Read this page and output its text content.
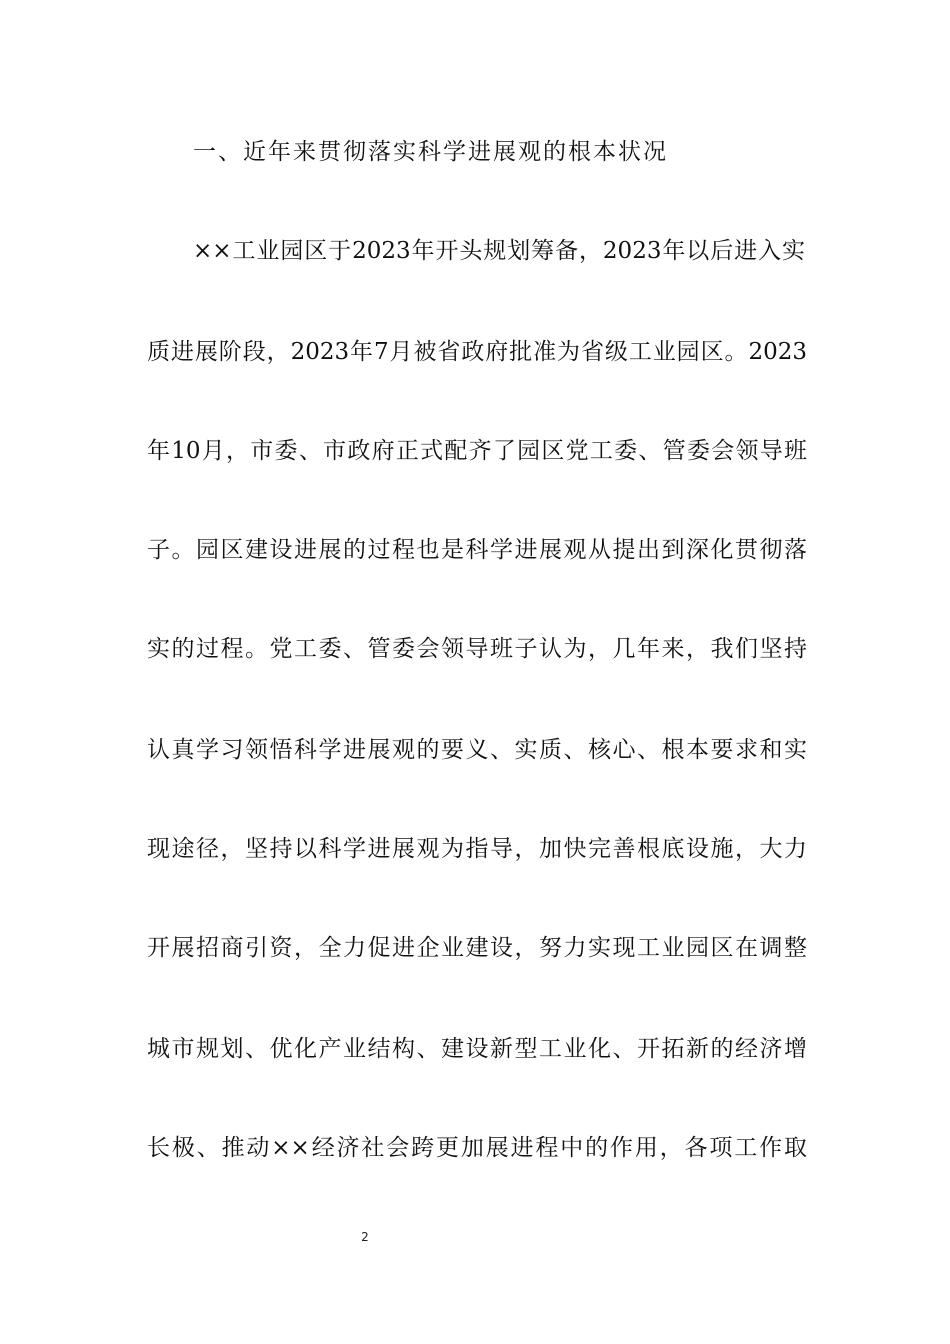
一、近年来贯彻落实科学进展观的根本状况
××工业园区于2023年开头规划筹备，2023年以后进入实
质进展阶段，2023年7月被省政府批准为省级工业园区。2023
年10月，市委、市政府正式配齐了园区党工委、管委会领导班
子。园区建设进展的过程也是科学进展观从提出到深化贯彻落
实的过程。党工委、管委会领导班子认为，几年来，我们坚持
认真学习领悟科学进展观的要义、实质、核心、根本要求和实
现途径，坚持以科学进展观为指导，加快完善根底设施，大力
开展招商引资，全力促进企业建设，努力实现工业园区在调整
城市规划、优化产业结构、建设新型工业化、开拓新的经济增
长极、推动××经济社会跨更加展进程中的作用，各项工作取
2
